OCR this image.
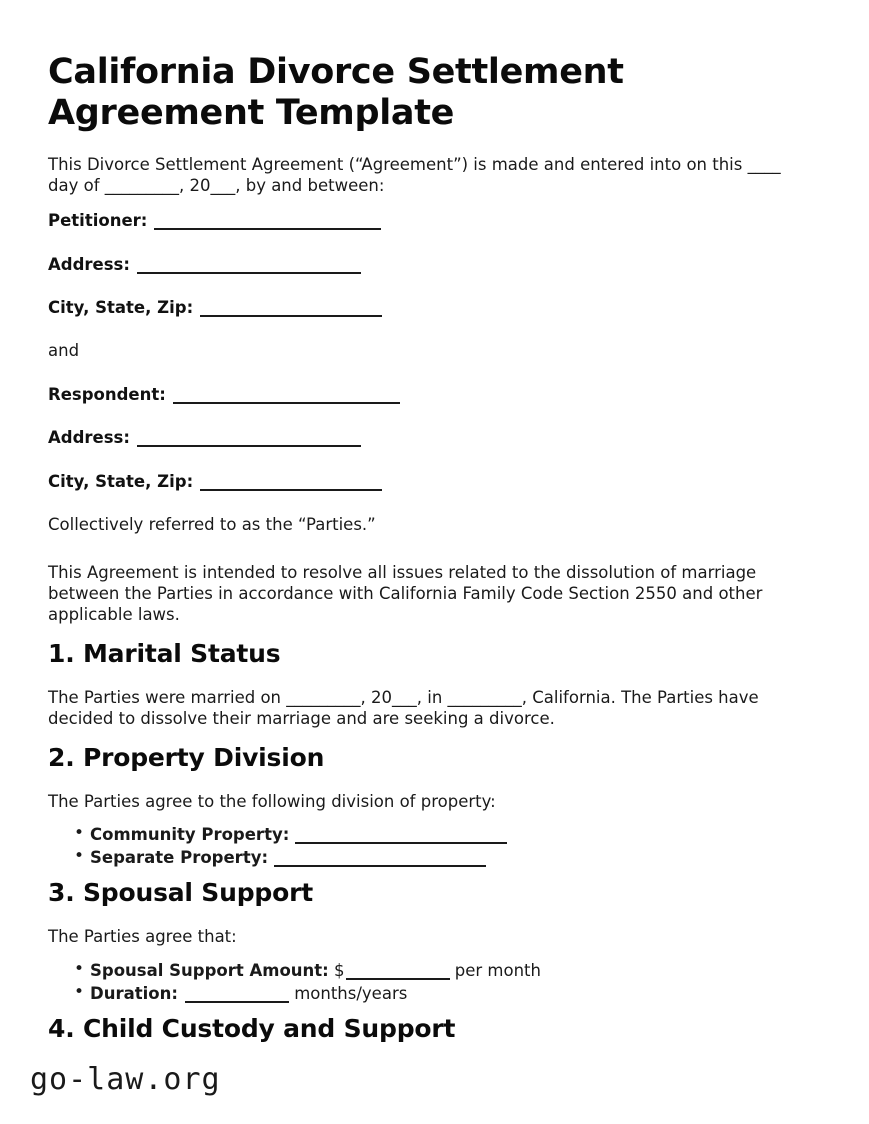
California Divorce Settlement Agreement Template

This Divorce Settlement Agreement (“Agreement”) is made and entered into on this ____
day of _________, 20___, by and between:

Petitioner:

Address:

City, State, Zip:

and

Respondent:

Address:

City, State, Zip:

Collectively referred to as the “Parties.”

This Agreement is intended to resolve all issues related to the dissolution of marriage between the Parties in accordance with California Family Code Section 2550 and other applicable laws.

1. Marital Status

The Parties were married on _________, 20___, in _________, California. The Parties have decided to dissolve their marriage and are seeking a divorce.

2. Property Division

The Parties agree to the following division of property:

• Community Property:
• Separate Property:
3. Spousal Support

The Parties agree that:

• Spousal Support Amount: $	per month
• Duration:	months/years
4. Child Custody and Support
go-law.org
